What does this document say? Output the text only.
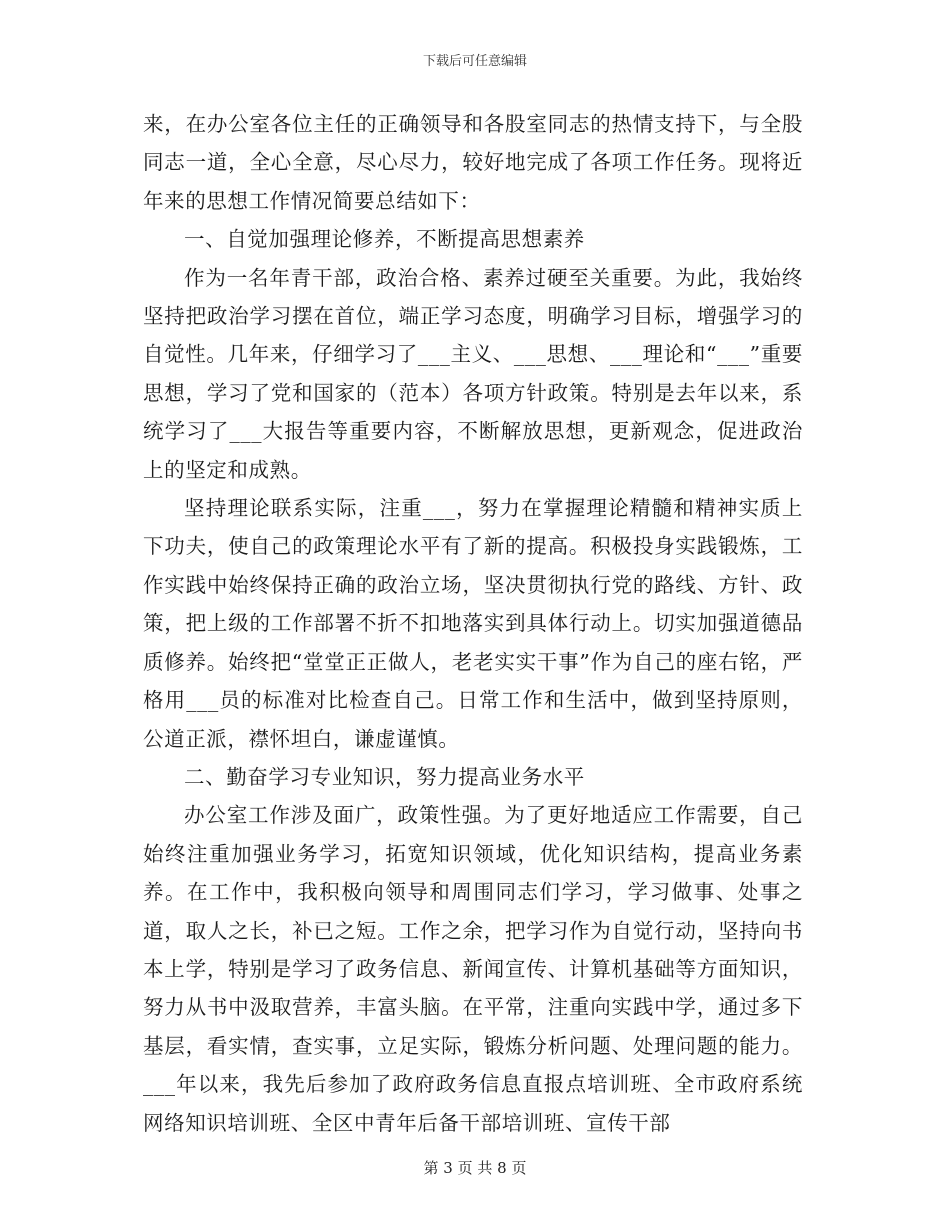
下载后可任意编辑

来，在办公室各位主任的正确领导和各股室同志的热情支持下，与全股同志一道，全心全意，尽心尽力，较好地完成了各项工作任务。现将近年来的思想工作情况简要总结如下：

一、自觉加强理论修养，不断提高思想素养

作为一名年青干部，政治合格、素养过硬至关重要。为此，我始终坚持把政治学习摆在首位，端正学习态度，明确学习目标，增强学习的自觉性。几年来，仔细学习了___主义、___思想、___理论和“___”重要思想，学习了党和国家的（范本）各项方针政策。特别是去年以来，系统学习了___大报告等重要内容，不断解放思想，更新观念，促进政治上的坚定和成熟。

坚持理论联系实际，注重___，努力在掌握理论精髓和精神实质上下功夫，使自己的政策理论水平有了新的提高。积极投身实践锻炼，工作实践中始终保持正确的政治立场，坚决贯彻执行党的路线、方针、政策，把上级的工作部署不折不扣地落实到具体行动上。切实加强道德品质修养。始终把“堂堂正正做人，老老实实干事”作为自己的座右铭，严格用___员的标准对比检查自己。日常工作和生活中，做到坚持原则，公道正派，襟怀坦白，谦虚谨慎。

二、勤奋学习专业知识，努力提高业务水平

办公室工作涉及面广，政策性强。为了更好地适应工作需要，自己始终注重加强业务学习，拓宽知识领域，优化知识结构，提高业务素养。在工作中，我积极向领导和周围同志们学习，学习做事、处事之道，取人之长，补已之短。工作之余，把学习作为自觉行动，坚持向书本上学，特别是学习了政务信息、新闻宣传、计算机基础等方面知识，努力从书中汲取营养，丰富头脑。在平常，注重向实践中学，通过多下基层，看实情，查实事，立足实际，锻炼分析问题、处理问题的能力。___年以来，我先后参加了政府政务信息直报点培训班、全市政府系统网络知识培训班、全区中青年后备干部培训班、宣传干部

第 3 页 共 8 页
